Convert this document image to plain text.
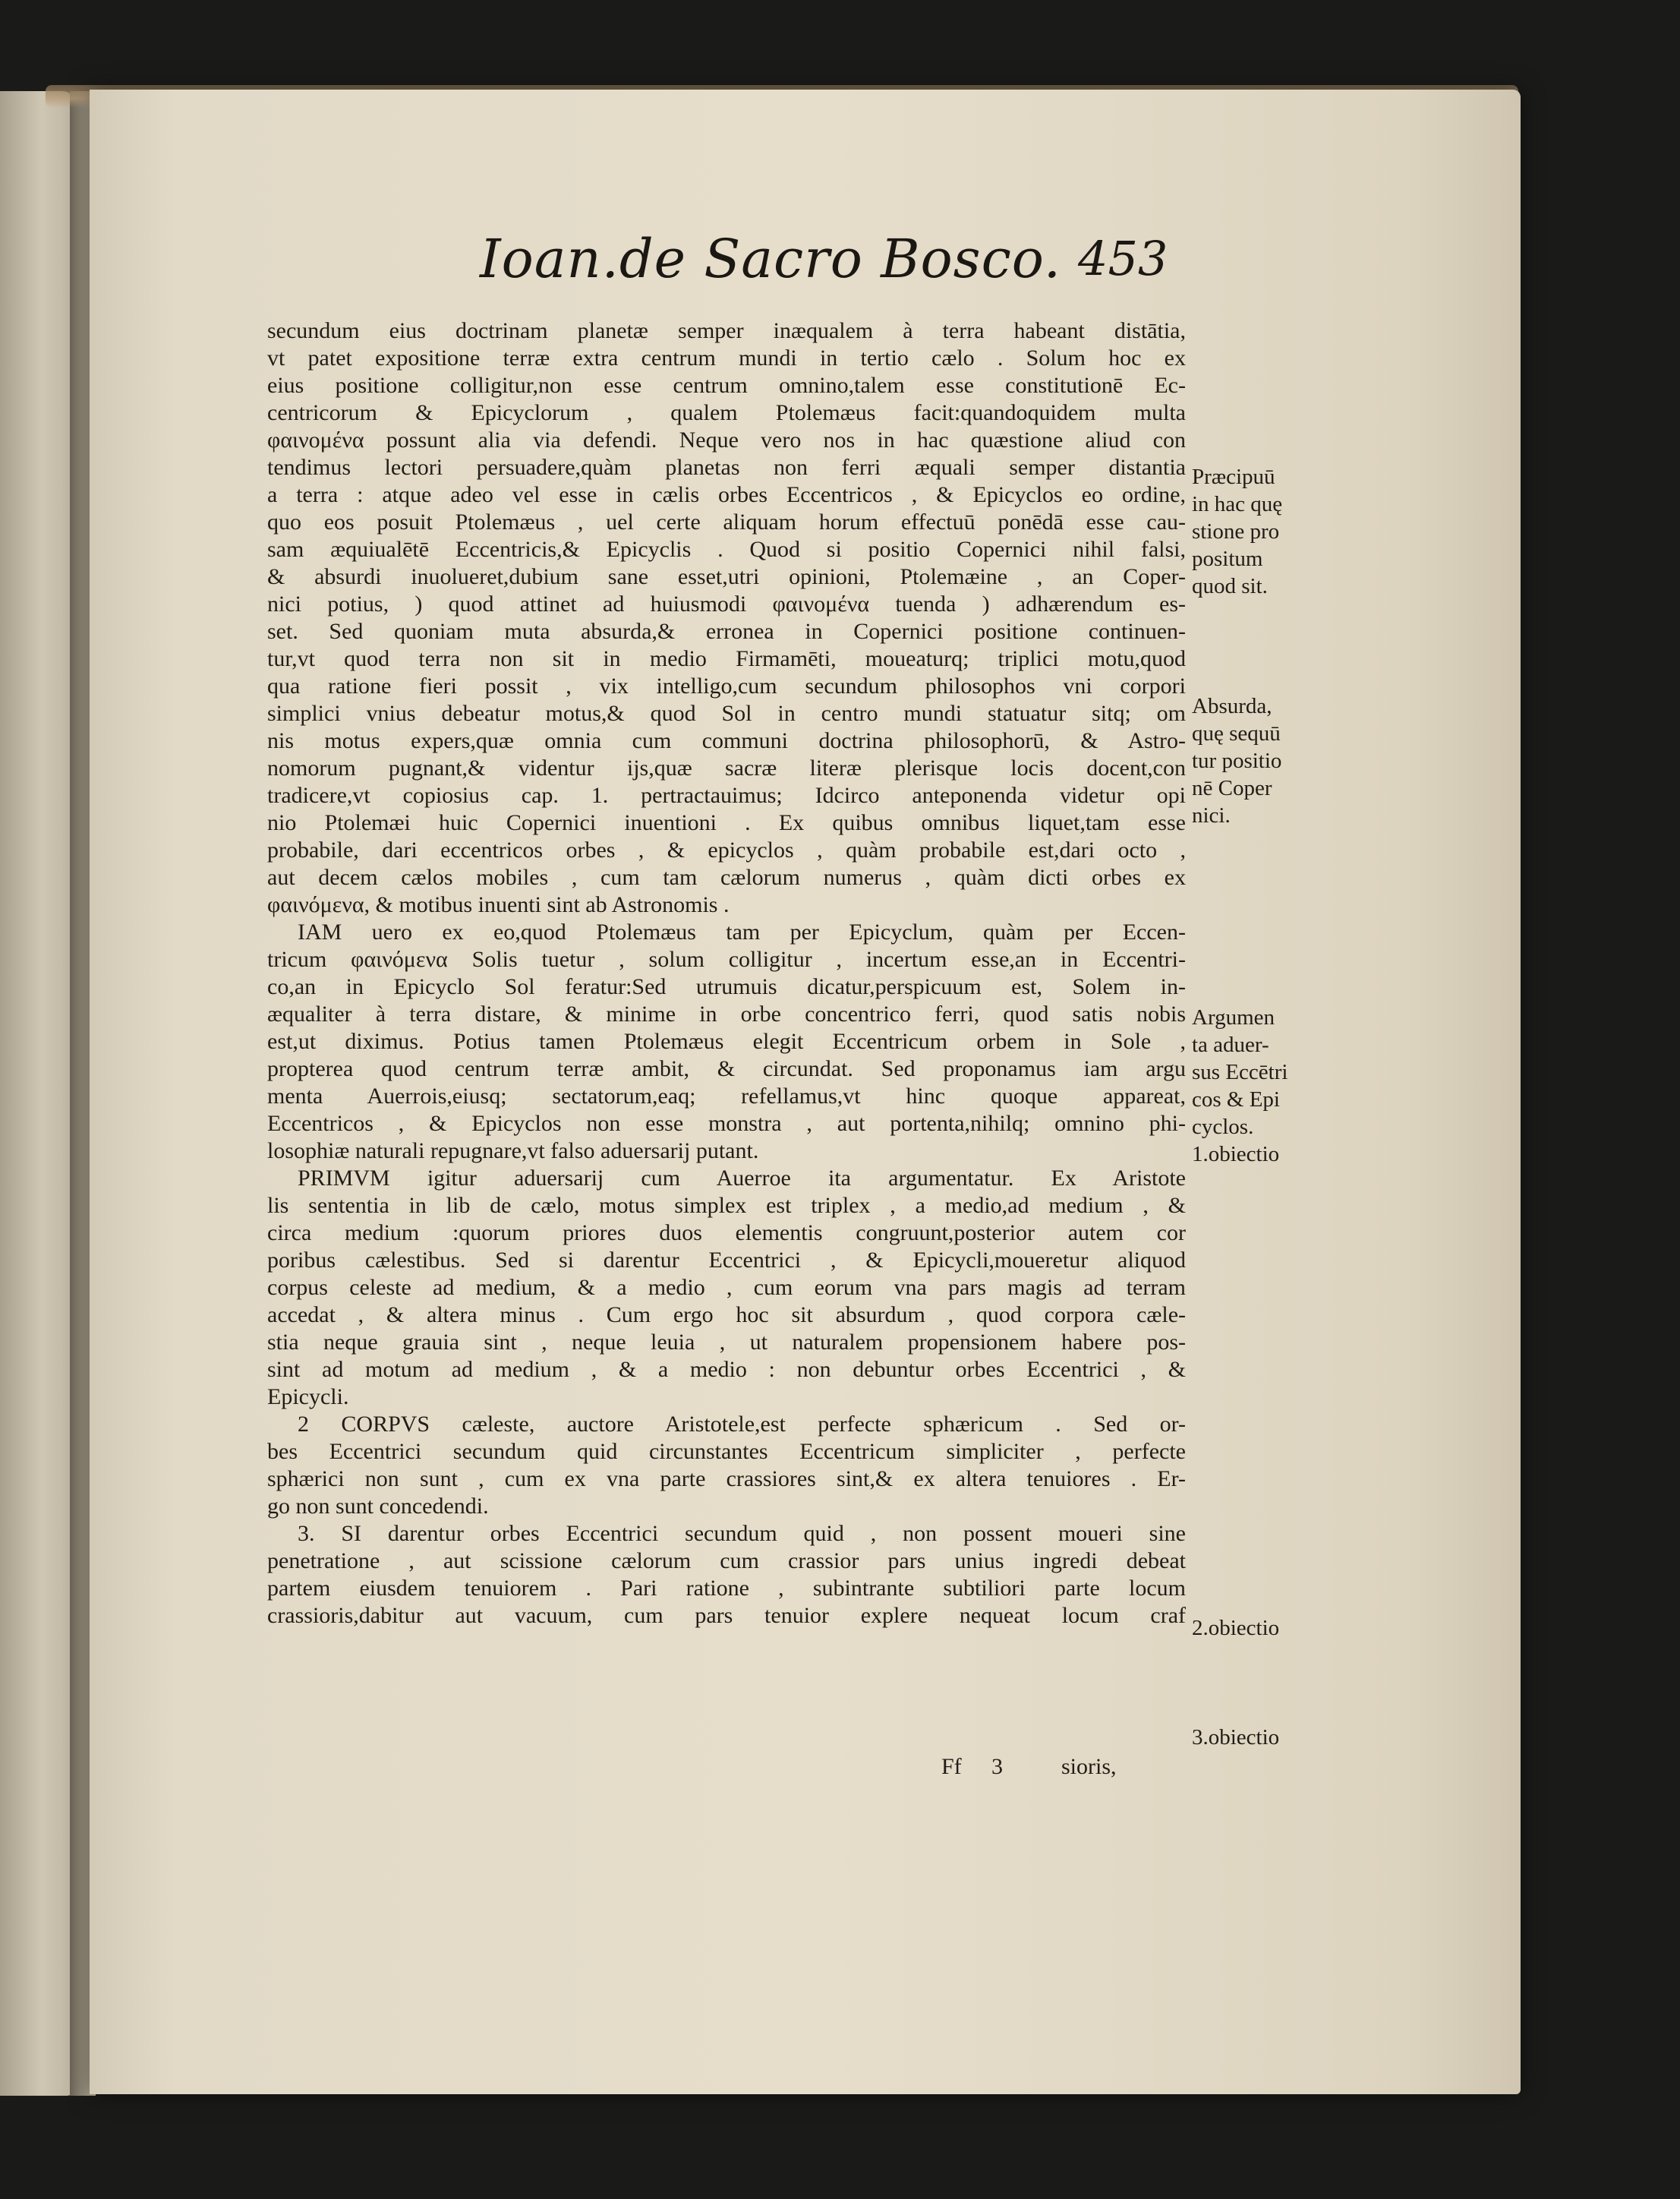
Ioan.de Sacro Bosco. 453
secundum eius doctrinam planetæ semper inæqualem à terra habeant distātia,
vt patet expositione terræ extra centrum mundi in tertio cælo . Solum hoc ex
eius positione colligitur,non esse centrum omnino,talem esse constitutionē Ec-
centricorum & Epicyclorum , qualem Ptolemæus facit:quandoquidem multa
φαινομένα possunt alia via defendi. Neque vero nos in hac quæstione aliud con
tendimus lectori persuadere,quàm planetas non ferri æquali semper distantia
a terra : atque adeo vel esse in cælis orbes Eccentricos , & Epicyclos eo ordine,
quo eos posuit Ptolemæus , uel certe aliquam horum effectuū ponēdā esse cau-
sam æquiualētē Eccentricis,& Epicyclis . Quod si positio Copernici nihil falsi,
& absurdi inuolueret,dubium sane esset,utri opinioni, Ptolemæine , an Coper-
nici potius, ) quod attinet ad huiusmodi φαινομένα tuenda ) adhærendum es-
set. Sed quoniam muta absurda,& erronea in Copernici positione continuen-
tur,vt quod terra non sit in medio Firmamēti, moueaturq; triplici motu,quod
qua ratione fieri possit , vix intelligo,cum secundum philosophos vni corpori
simplici vnius debeatur motus,& quod Sol in centro mundi statuatur sitq; om
nis motus expers,quæ omnia cum communi doctrina philosophorū, & Astro-
nomorum pugnant,& videntur ijs,quæ sacræ literæ plerisque locis docent,con
tradicere,vt copiosius cap. 1. pertractauimus; Idcirco anteponenda videtur opi
nio Ptolemæi huic Copernici inuentioni . Ex quibus omnibus liquet,tam esse
probabile, dari eccentricos orbes , & epicyclos , quàm probabile est,dari octo ,
aut decem cælos mobiles , cum tam cælorum numerus , quàm dicti orbes ex
φαινόμενα, & motibus inuenti sint ab Astronomis .
IAM uero ex eo,quod Ptolemæus tam per Epicyclum, quàm per Eccen-
tricum φαινόμενα Solis tuetur , solum colligitur , incertum esse,an in Eccentri-
co,an in Epicyclo Sol feratur:Sed utrumuis dicatur,perspicuum est, Solem in-
æqualiter à terra distare, & minime in orbe concentrico ferri, quod satis nobis
est,ut diximus. Potius tamen Ptolemæus elegit Eccentricum orbem in Sole ,
propterea quod centrum terræ ambit, & circundat. Sed proponamus iam argu
menta Auerrois,eiusq; sectatorum,eaq; refellamus,vt hinc quoque appareat,
Eccentricos , & Epicyclos non esse monstra , aut portenta,nihilq; omnino phi-
losophiæ naturali repugnare,vt falso aduersarij putant.
PRIMVM igitur aduersarij cum Auerroe ita argumentatur. Ex Aristote
lis sententia in lib de cælo, motus simplex est triplex , a medio,ad medium , &
circa medium :quorum priores duos elementis congruunt,posterior autem cor
poribus cælestibus. Sed si darentur Eccentrici , & Epicycli,moueretur aliquod
corpus celeste ad medium, & a medio , cum eorum vna pars magis ad terram
accedat , & altera minus . Cum ergo hoc sit absurdum , quod corpora cæle-
stia neque grauia sint , neque leuia , ut naturalem propensionem habere pos-
sint ad motum ad medium , & a medio : non debuntur orbes Eccentrici , &
Epicycli.
2 CORPVS cæleste, auctore Aristotele,est perfecte sphæricum . Sed or-
bes Eccentrici secundum quid circunstantes Eccentricum simpliciter , perfecte
sphærici non sunt , cum ex vna parte crassiores sint,& ex altera tenuiores . Er-
go non sunt concedendi.
3. SI darentur orbes Eccentrici secundum quid , non possent moueri sine
penetratione , aut scissione cælorum cum crassior pars unius ingredi debeat
partem eiusdem tenuiorem . Pari ratione , subintrante subtiliori parte locum
crassioris,dabitur aut vacuum, cum pars tenuior explere nequeat locum craf
Præcipuū
in hac quę
stione pro
positum
quod sit.
Absurda,
quę sequū
tur positio
nē Coper
nici.
Argumen
ta aduer-
sus Eccētri
cos & Epi
cyclos.
1.obiectio
2.obiectio
3.obiectio
Ff 3	sioris,
